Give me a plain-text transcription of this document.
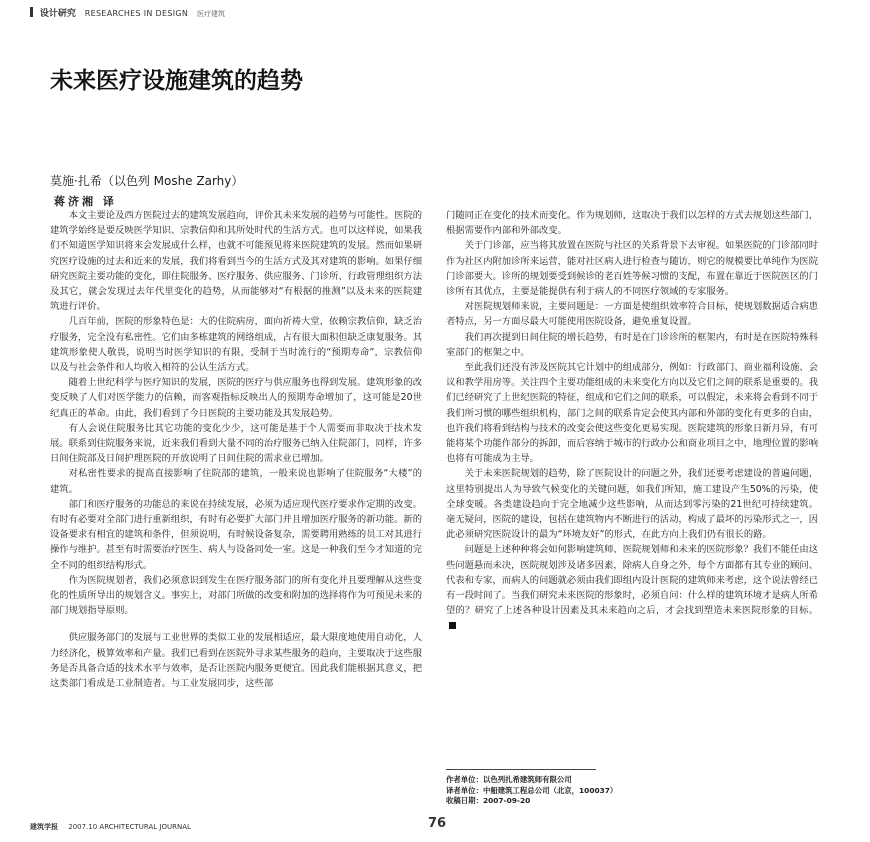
设计研究 RESEARCHES IN DESIGN 医疗建筑
未来医疗设施建筑的趋势
莫施·扎希（以色列 Moshe Zarhy）
蒋济湘 译

本文主要论及西方医院过去的建筑发展趋向，评价其未来发展的趋势与可能性。医院的建筑学始终是要反映医学知识、宗教信仰和其所处时代的生活方式。也可以这样说，如果我们不知道医学知识将来会发展成什么样，也就不可能预见将来医院建筑的发展。然而如果研究医疗设施的过去和近来的发展，我们将看到当今的生活方式及其对建筑的影响。如果仔细研究医院主要功能的变化，即住院服务、医疗服务、供应服务、门诊所、行政管理组织方法及其它，就会发现过去年代里变化的趋势，从而能够对“有根据的推测”以及未来的医院建筑进行评价。

几百年前，医院的形象特色是：大的住院病房，面向祈祷大堂，依赖宗教信仰，缺乏治疗服务，完全没有私密性。它们由多栋建筑的网络组成，占有很大面积但缺乏康复服务。其建筑形象使人敬畏，说明当时医学知识的有限，受制于当时流行的“预期寿命”，宗教信仰以及与社会条件和人均收入相符的公认生活方式。

随着上世纪科学与医疗知识的发展，医院的医疗与供应服务也得到发展。建筑形象的改变反映了人们对医学能力的信赖，而客观指标反映出人的预期寿命增加了，这可能是20世纪真正的革命。由此，我们看到了今日医院的主要功能及其发展趋势。

有人会说住院服务比其它功能的变化少少，这可能是基于个人需要而非取决于技术发展。联系到住院服务来说，近来我们看到大量不同的治疗服务已纳入住院部门，同样，许多日间住院部及日间护理医院的开放说明了日间住院的需求业已增加。

对私密性要求的提高直接影响了住院部的建筑，一般来说也影响了住院服务“大楼”的建筑。

部门和医疗服务的功能总的来说在持续发展，必须为适应现代医疗要求作定期的改变。有时有必要对全部门进行重新组织，有时有必要扩大部门并且增加医疗服务的新功能。新的设备要求有相宜的建筑和条件，但须说明，有时候设备复杂，需要聘用熟练的员工对其进行操作与维护。甚至有时需要治疗医生、病人与设备同处一室。这是一种我们至今才知道的完全不同的组织结构形式。

作为医院规划者，我们必须意识到发生在医疗服务部门的所有变化并且要理解从这些变化的性质所导出的规划含义。事实上，对部门所做的改变和附加的选择将作为可预见未来的部门规划指导原则。

供应服务部门的发展与工业世界的类似工业的发展相适应，最大限度地使用自动化，人力经济化，极算效率和产量。我们已看到在医院外寻求某些服务的趋向，主要取决于这些服务是否具备合适的技术水平与效率，是否让医院内服务更便宜。因此我们能根据其意义，把这类部门看成是工业制造者。与工业发展同步，这些部

门随同正在变化的技术而变化。作为规划师，这取决于我们以怎样的方式去规划这些部门，根据需要作内部和外部改变。

关于门诊部，应当将其放置在医院与社区的关系背景下去审视。如果医院的门诊部同时作为社区内附加诊所来运营，能对社区病人进行检查与随访，则它的规模要比单纯作为医院门诊部要大。诊所的规划要受到候诊的老百姓等候习惯的支配，布置在靠近于医院医区的门诊所有其优点，主要是能提供有利于病人的不同医疗领域的专家服务。

对医院规划师来说，主要问题是：一方面是使组织效率符合目标，使规划数据适合病患者特点，另一方面尽最大可能使用医院设备，避免重复设置。

我们再次提到日间住院的增长趋势，有时是在门诊诊所的框架内，有时是在医院特殊科室部门的框架之中。

至此我们还没有涉及医院其它计划中的组成部分，例如：行政部门、商业福利设施、会议和教学用房等。关注四个主要功能组成的未来变化方向以及它们之间的联系是重要的。我们已经研究了上世纪医院的特征，组成和它们之间的联系，可以假定，未来将会看到不同于我们所习惯的哪些组织机构，部门之间的联系肯定会使其内部和外部的变化有更多的自由，也许我们将看到结构与技术的改变会使这些变化更易实现。医院建筑的形象日新月异，有可能将某个功能作部分的拆卸，而后容纳于城市的行政办公和商业项目之中，地理位置的影响也将有可能成为主导。

关于未来医院规划的趋势，除了医院设计的问题之外，我们还要考虑建设的普遍问题，这里特别提出人为导致气候变化的关键问题，如我们所知，施工建设产生50%的污染，使全球变暖。各类建设趋向于完全地减少这些影响，从而达到零污染的21世纪可持续建筑。毫无疑问，医院的建设，包括在建筑物内不断进行的活动，构成了最坏的污染形式之一，因此必须研究医院设计的最为“环境友好”的形式，在此方向上我们仍有很长的路。

问题是上述种种将会如何影响建筑师、医院规划师和未来的医院形象？我们不能任由这些问题悬而未决，医院规划涉及诸多因素，除病人自身之外，每个方面都有其专业的顾问、代表和专家，而病人的问题就必须由我们即组内设计医院的建筑师来考虑，这个说法曾经已有一段时间了。当我们研究未来医院的形象时，必须自问：什么样的建筑环境才是病人所希望的？研究了上述各种设计因素及其未来趋向之后，才会找到塑造未来医院形象的目标。

作者单位：以色列扎希建筑师有限公司
译者单位：中船建筑工程总公司（北京，100037）
收稿日期：2007-09-20
建筑学报 2007.10 ARCHITECTURAL JOURNAL	76
